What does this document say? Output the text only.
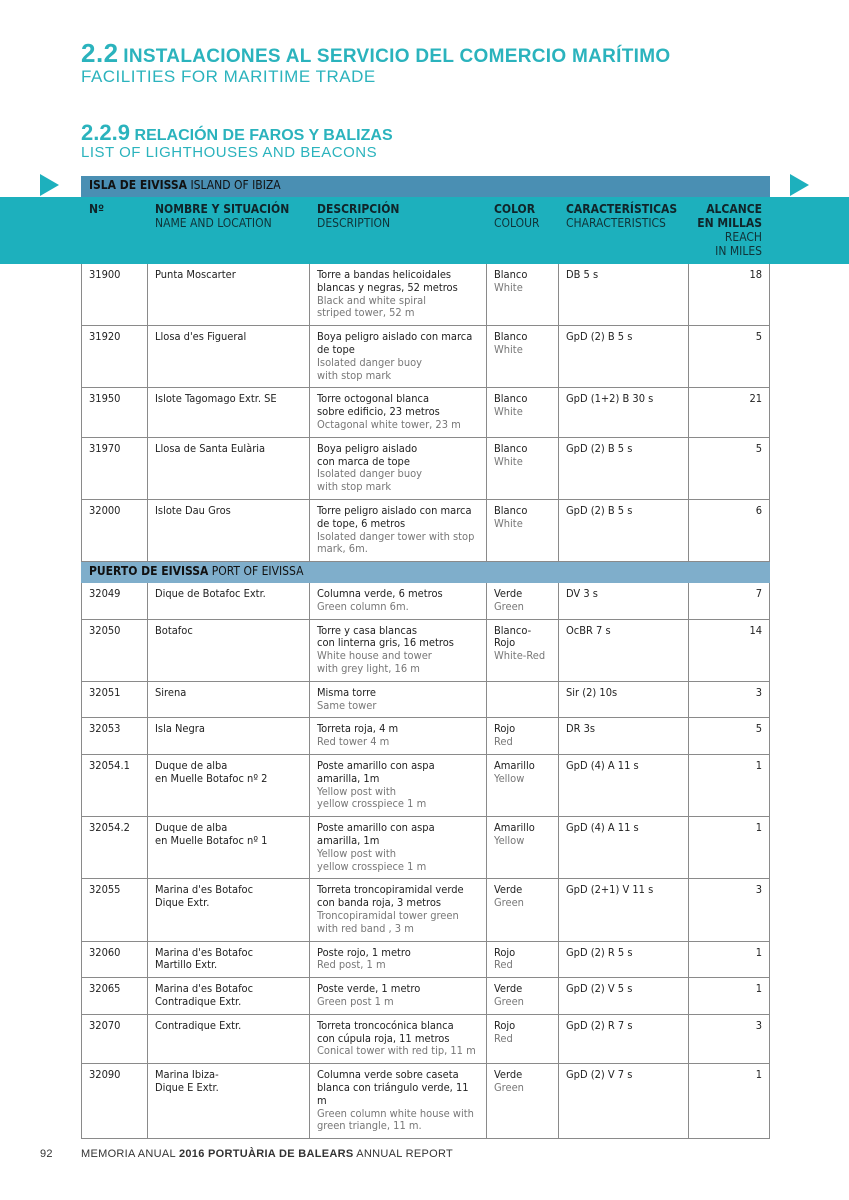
2.2 INSTALACIONES AL SERVICIO DEL COMERCIO MARÍTIMO
FACILITIES FOR MARITIME TRADE
2.2.9 RELACIÓN DE FAROS Y BALIZAS
LIST OF LIGHTHOUSES AND BEACONS
ISLA DE EIVISSA ISLAND OF IBIZA					

Nº	NOMBRE Y SITUACIÓN
NAME AND LOCATION	DESCRIPCIÓN
DESCRIPTION	COLOR
COLOUR	CARACTERÍSTICAS
CHARACTERISTICS	ALCANCE
EN MILLAS
REACH
IN MILES

31900	Punta Moscarter	Torre a bandas helicoidales
blancas y negras, 52 metros
Black and white spiral
striped tower, 52 m	Blanco
White	DB 5 s	18
31920	Llosa d'es Figueral	Boya peligro aislado con marca
de tope
Isolated danger buoy
with stop mark	Blanco
White	GpD (2) B 5 s	5
31950	Islote Tagomago Extr. SE	Torre octogonal blanca
sobre edificio, 23 metros
Octagonal white tower, 23 m	Blanco
White	GpD (1+2) B 30 s	21
31970	Llosa de Santa Eulària	Boya peligro aislado
con marca de tope
Isolated danger buoy
with stop mark	Blanco
White	GpD (2) B 5 s	5
32000	Islote Dau Gros	Torre peligro aislado con marca
de tope, 6 metros
Isolated danger tower with stop
mark, 6m.	Blanco
White	GpD (2) B 5 s	6
PUERTO DE EIVISSA PORT OF EIVISSA					
32049	Dique de Botafoc Extr.	Columna verde, 6 metros
Green column 6m.	Verde
Green	DV 3 s	7
32050	Botafoc	Torre y casa blancas
con linterna gris, 16 metros
White house and tower
with grey light, 16 m	Blanco-
Rojo
White-Red	OcBR 7 s	14
32051	Sirena	Misma torre
Same tower		Sir (2) 10s	3
32053	Isla Negra	Torreta roja, 4 m
Red tower 4 m	Rojo
Red	DR 3s	5
32054.1	Duque de alba
en Muelle Botafoc nº 2	Poste amarillo con aspa
amarilla, 1m
Yellow post with
yellow crosspiece 1 m	Amarillo
Yellow	GpD (4) A 11 s	1
32054.2	Duque de alba
en Muelle Botafoc nº 1	Poste amarillo con aspa
amarilla, 1m
Yellow post with
yellow crosspiece 1 m	Amarillo
Yellow	GpD (4) A 11 s	1
32055	Marina d'es Botafoc
Dique Extr.	Torreta troncopiramidal verde
con banda roja, 3 metros
Troncopiramidal tower green
with red band , 3 m	Verde
Green	GpD (2+1) V 11 s	3
32060	Marina d'es Botafoc
Martillo Extr.	Poste rojo, 1 metro
Red post, 1 m	Rojo
Red	GpD (2) R 5 s	1
32065	Marina d'es Botafoc
Contradique Extr.	Poste verde, 1 metro
Green post 1 m	Verde
Green	GpD (2) V 5 s	1
32070	Contradique Extr.	Torreta troncocónica blanca
con cúpula roja, 11 metros
Conical tower with red tip, 11 m	Rojo
Red	GpD (2) R 7 s	3
32090	Marina Ibiza-
Dique E Extr.	Columna verde sobre caseta
blanca con triángulo verde, 11 m
Green column white house with
green triangle, 11 m.	Verde
Green	GpD (2) V 7 s	1
92	MEMORIA ANUAL 2016 PORTUÀRIA DE BALEARS ANNUAL REPORT
